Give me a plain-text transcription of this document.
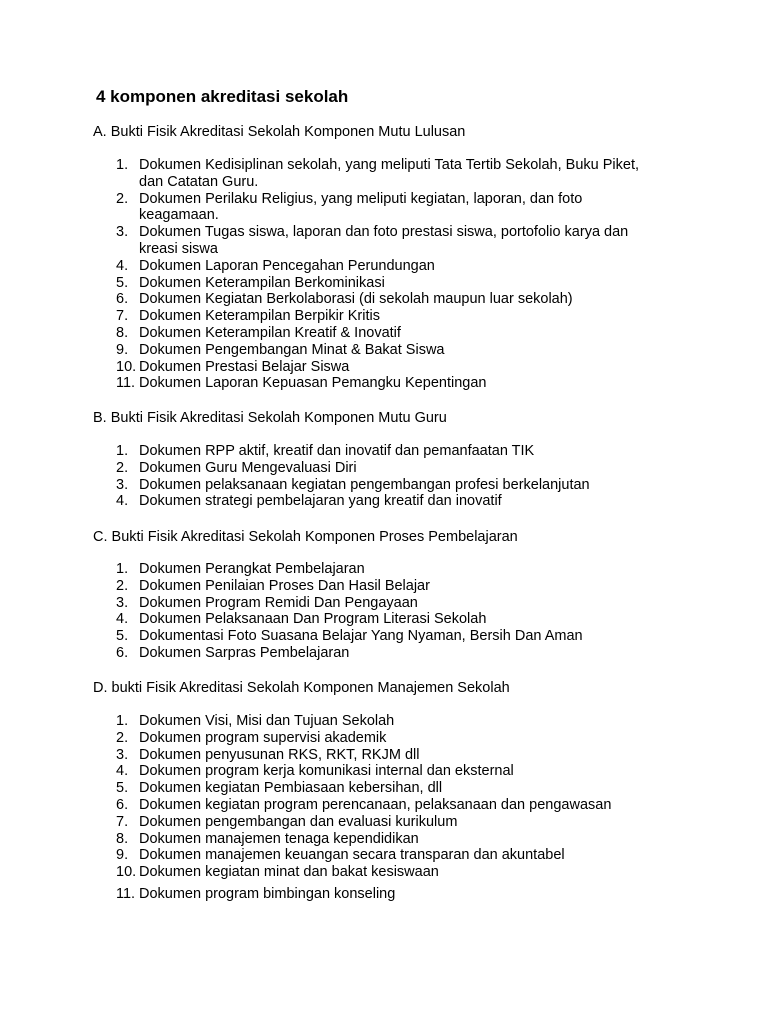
4 komponen akreditasi sekolah

A. Bukti Fisik Akreditasi Sekolah Komponen Mutu Lulusan

1. Dokumen Kedisiplinan sekolah, yang meliputi Tata Tertib Sekolah, Buku Piket, dan Catatan Guru.
2. Dokumen Perilaku Religius, yang meliputi kegiatan, laporan, dan foto keagamaan.
3. Dokumen Tugas siswa, laporan dan foto prestasi siswa, portofolio karya dan kreasi siswa
4. Dokumen Laporan Pencegahan Perundungan
5. Dokumen Keterampilan Berkominikasi
6. Dokumen Kegiatan Berkolaborasi (di sekolah maupun luar sekolah)
7. Dokumen Keterampilan Berpikir Kritis
8. Dokumen Keterampilan Kreatif & Inovatif
9. Dokumen Pengembangan Minat & Bakat Siswa
10. Dokumen Prestasi Belajar Siswa
11. Dokumen Laporan Kepuasan Pemangku Kepentingan

B. Bukti Fisik Akreditasi Sekolah Komponen Mutu Guru

1. Dokumen RPP aktif, kreatif dan inovatif dan pemanfaatan TIK
2. Dokumen Guru Mengevaluasi Diri
3. Dokumen pelaksanaan kegiatan pengembangan profesi berkelanjutan
4. Dokumen strategi pembelajaran yang kreatif dan inovatif

C. Bukti Fisik Akreditasi Sekolah Komponen Proses Pembelajaran

1. Dokumen Perangkat Pembelajaran
2. Dokumen Penilaian Proses Dan Hasil Belajar
3. Dokumen Program Remidi Dan Pengayaan
4. Dokumen Pelaksanaan Dan Program Literasi Sekolah
5. Dokumentasi Foto Suasana Belajar Yang Nyaman, Bersih Dan Aman
6. Dokumen Sarpras Pembelajaran

D. bukti Fisik Akreditasi Sekolah Komponen Manajemen Sekolah

1. Dokumen Visi, Misi dan Tujuan Sekolah
2. Dokumen program supervisi akademik
3. Dokumen penyusunan RKS, RKT, RKJM dll
4. Dokumen program kerja komunikasi internal dan eksternal
5. Dokumen kegiatan Pembiasaan kebersihan, dll
6. Dokumen kegiatan program perencanaan, pelaksanaan dan pengawasan
7. Dokumen pengembangan dan evaluasi kurikulum
8. Dokumen manajemen tenaga kependidikan
9. Dokumen manajemen keuangan secara transparan dan akuntabel
10. Dokumen kegiatan minat dan bakat kesiswaan
11. Dokumen program bimbingan konseling
